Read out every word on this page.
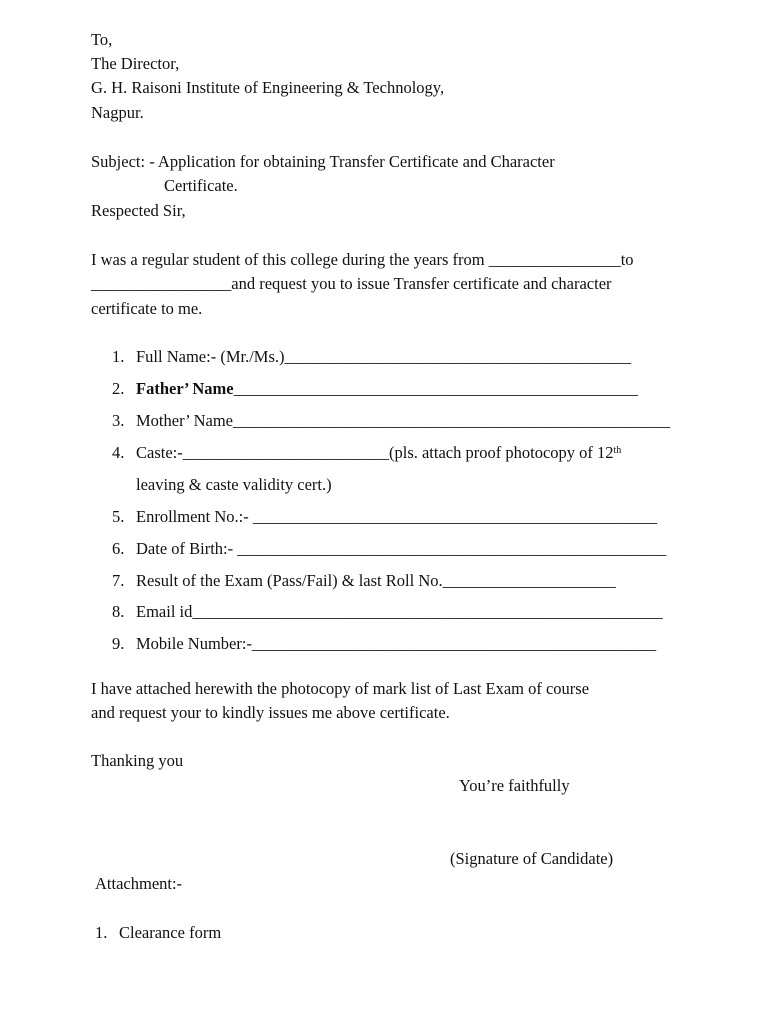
To,
The Director,
G. H. Raisoni Institute of Engineering & Technology,
Nagpur.
Subject: - Application for obtaining Transfer Certificate and Character
Certificate.
Respected Sir,
I was a regular student of this college during the years from ________________to
_________________and request you to issue Transfer certificate and character
certificate to me.
1. Full Name:- (Mr./Ms.)__________________________________________
2. Father’ Name_________________________________________________
3. Mother’ Name_____________________________________________________
4. Caste:-_________________________(pls. attach proof photocopy of 12th
leaving & caste validity cert.)
5. Enrollment No.:- _________________________________________________
6. Date of Birth:- ____________________________________________________
7. Result of the Exam (Pass/Fail) & last Roll No._____________________
8. Email id_________________________________________________________
9. Mobile Number:-_________________________________________________
I have attached herewith the photocopy of mark list of Last Exam of course
and request your to kindly issues me above certificate.
Thanking you
You’re faithfully
(Signature of Candidate)
Attachment:-
1. Clearance form
